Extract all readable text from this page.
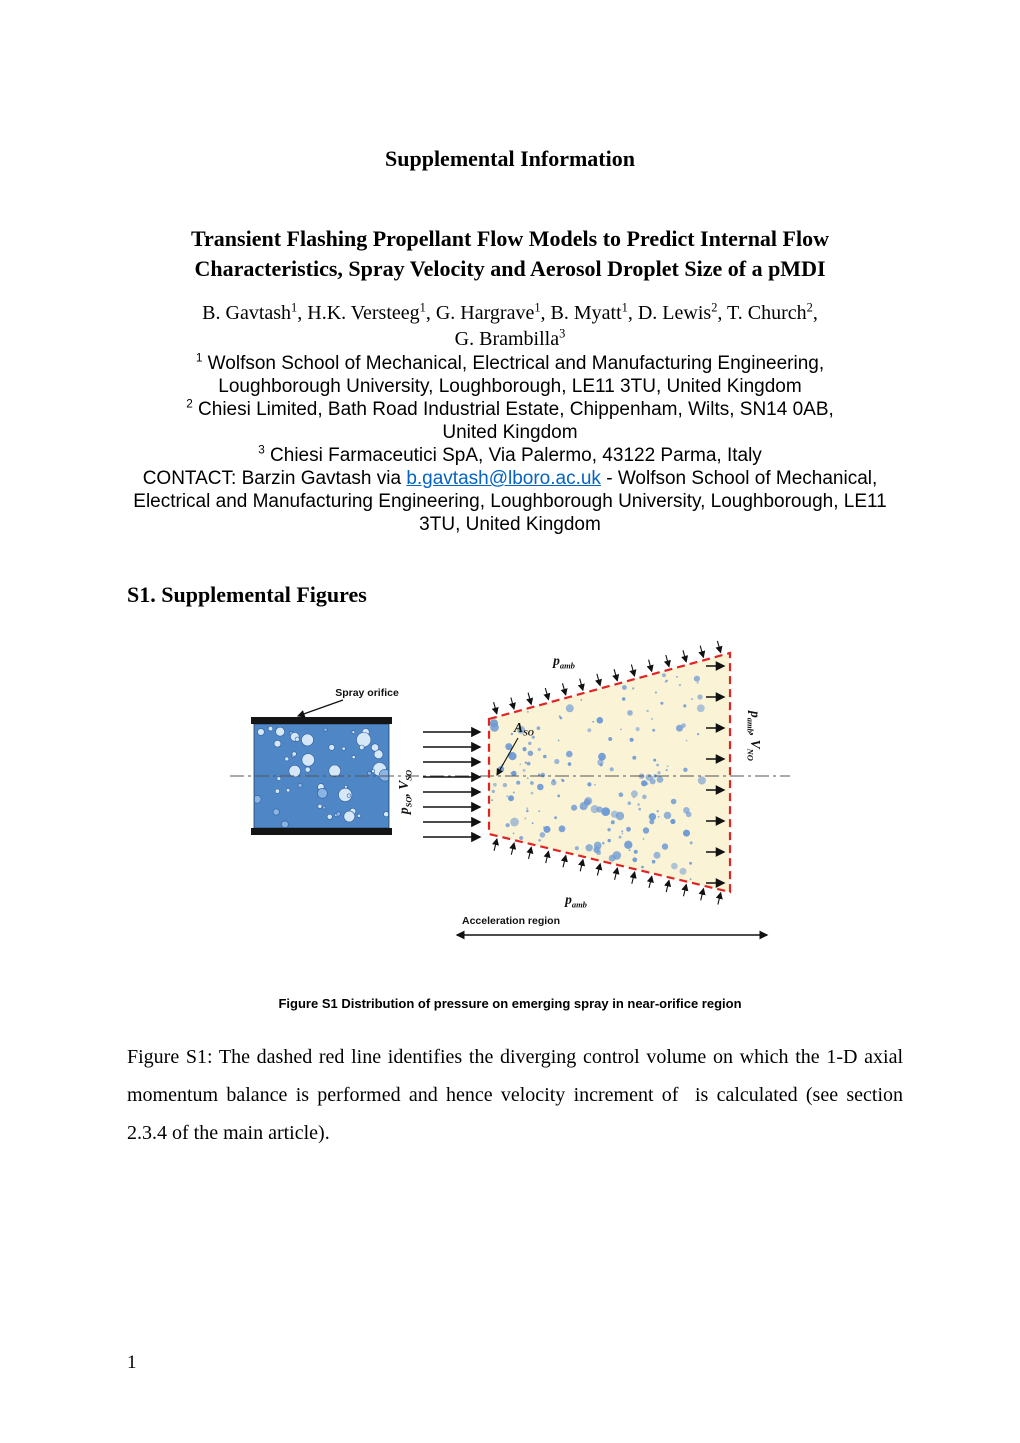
Supplemental Information
Transient Flashing Propellant Flow Models to Predict Internal Flow Characteristics, Spray Velocity and Aerosol Droplet Size of a pMDI
B. Gavtash$^1$, H.K. Versteeg$^1$, G. Hargrave$^1$, B. Myatt$^1$, D. Lewis$^2$, T. Church$^2$,
G. Brambilla$^3$
$^1$ Wolfson School of Mechanical, Electrical and Manufacturing Engineering,
Loughborough University, Loughborough, LE11 3TU, United Kingdom
$^2$ Chiesi Limited, Bath Road Industrial Estate, Chippenham, Wilts, SN14 0AB,
United Kingdom
$^3$ Chiesi Farmaceutici SpA, Via Palermo, 43122 Parma, Italy
CONTACT: Barzin Gavtash via b.gavtash@lboro.ac.uk - Wolfson School of Mechanical, Electrical and Manufacturing Engineering, Loughborough University, Loughborough, LE11 3TU, United Kingdom
S1. Supplemental Figures
Spray orifice
$A_{SO}$
$p_{amb}$
$p_{amb}$
$p_{SO}$, $V_{SO}$
$p_{amb}$, $V_{NO}$
Acceleration region
Figure S1 Distribution of pressure on emerging spray in near-orifice region
Figure S1: The dashed red line identifies the diverging control volume on which the 1-D axial momentum balance is performed and hence velocity increment of  is calculated (see section 2.3.4 of the main article).
1
